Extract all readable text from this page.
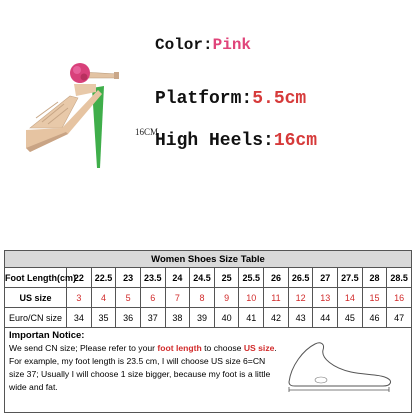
16CM
Color:Pink
Platform:5.5cm
High Heels:16cm
Women Shoes Size Table														
Foot Length(cm)	22	22.5	23	23.5	24	24.5	25	25.5	26	26.5	27	27.5	28	28.5
US size	3	4	5	6	7	8	9	10	11	12	13	14	15	16
Euro/CN size	34	35	36	37	38	39	40	41	42	43	44	45	46	47

Importan Notice:
We send CN size; Please refer to your foot length to choose US size. For example, my foot length is 23.5 cm, I will choose US size 6=CN size 37; Usually I will choose 1 size bigger, because my foot is a little wide and fat.														
